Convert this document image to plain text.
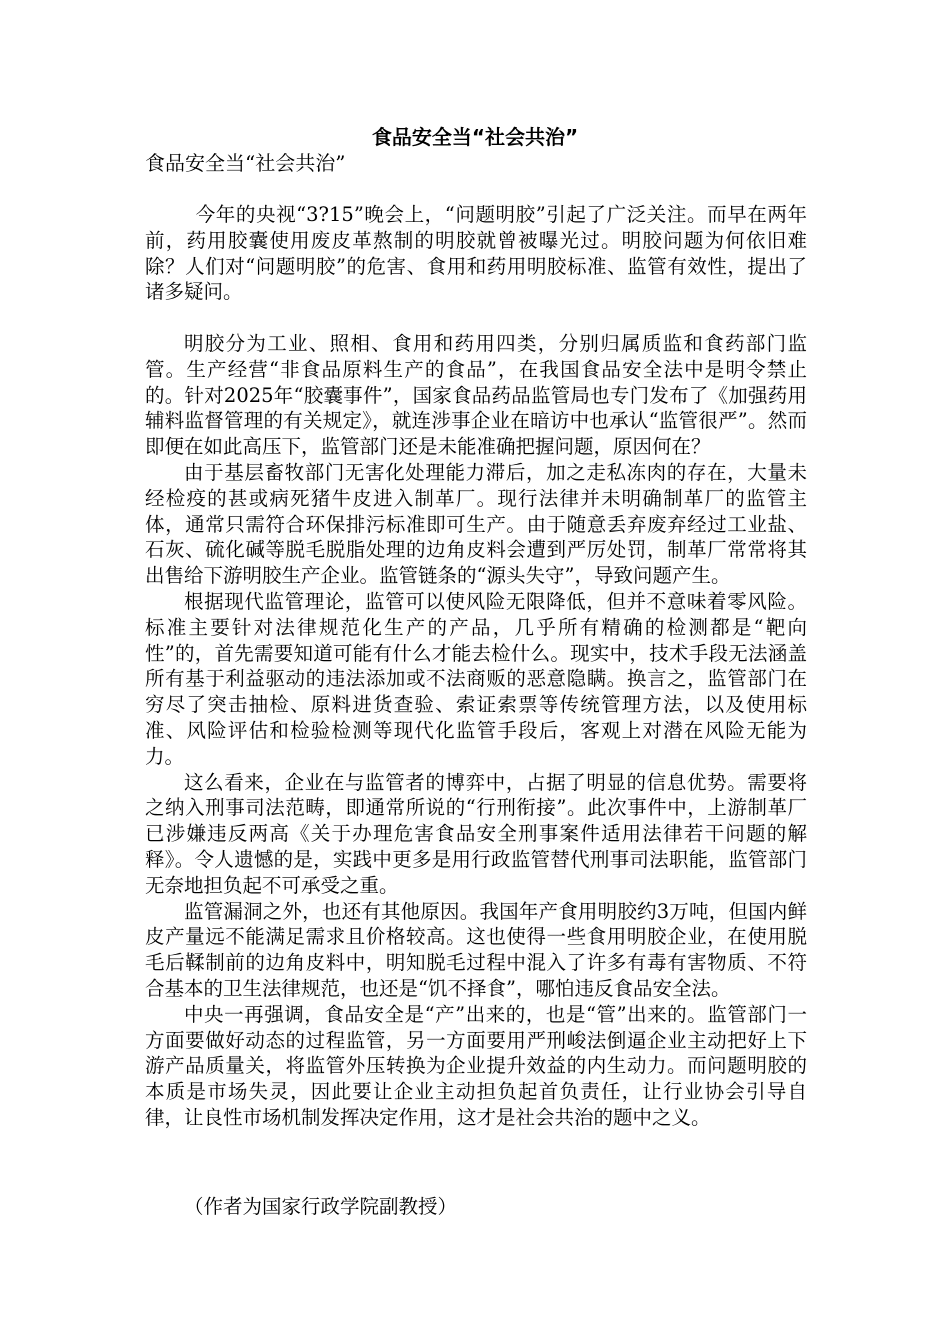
食品安全当“社会共治”
食品安全当“社会共治”

今年的央视“3?15”晚会上，“问题明胶”引起了广泛关注。而早在两年前，药用胶囊使用废皮革熬制的明胶就曾被曝光过。明胶问题为何依旧难除？人们对“问题明胶”的危害、食用和药用明胶标准、监管有效性，提出了诸多疑问。

明胶分为工业、照相、食用和药用四类，分别归属质监和食药部门监管。生产经营“非食品原料生产的食品”，在我国食品安全法中是明令禁止的。针对2025年“胶囊事件”，国家食品药品监管局也专门发布了《加强药用辅料监督管理的有关规定》，就连涉事企业在暗访中也承认“监管很严”。然而即便在如此高压下，监管部门还是未能准确把握问题，原因何在？

由于基层畜牧部门无害化处理能力滞后，加之走私冻肉的存在，大量未经检疫的甚或病死猪牛皮进入制革厂。现行法律并未明确制革厂的监管主体，通常只需符合环保排污标准即可生产。由于随意丢弃废弃经过工业盐、石灰、硫化碱等脱毛脱脂处理的边角皮料会遭到严厉处罚，制革厂常常将其出售给下游明胶生产企业。监管链条的“源头失守”，导致问题产生。

根据现代监管理论，监管可以使风险无限降低，但并不意味着零风险。标准主要针对法律规范化生产的产品，几乎所有精确的检测都是“靶向性”的，首先需要知道可能有什么才能去检什么。现实中，技术手段无法涵盖所有基于利益驱动的违法添加或不法商贩的恶意隐瞒。换言之，监管部门在穷尽了突击抽检、原料进货查验、索证索票等传统管理方法，以及使用标准、风险评估和检验检测等现代化监管手段后，客观上对潜在风险无能为力。

这么看来，企业在与监管者的博弈中，占据了明显的信息优势。需要将之纳入刑事司法范畴，即通常所说的“行刑衔接”。此次事件中，上游制革厂已涉嫌违反两高《关于办理危害食品安全刑事案件适用法律若干问题的解释》。令人遗憾的是，实践中更多是用行政监管替代刑事司法职能，监管部门无奈地担负起不可承受之重。

监管漏洞之外，也还有其他原因。我国年产食用明胶约3万吨，但国内鲜皮产量远不能满足需求且价格较高。这也使得一些食用明胶企业，在使用脱毛后鞣制前的边角皮料中，明知脱毛过程中混入了许多有毒有害物质、不符合基本的卫生法律规范，也还是“饥不择食”，哪怕违反食品安全法。

中央一再强调，食品安全是“产”出来的，也是“管”出来的。监管部门一方面要做好动态的过程监管，另一方面要用严刑峻法倒逼企业主动把好上下游产品质量关，将监管外压转换为企业提升效益的内生动力。而问题明胶的本质是市场失灵，因此要让企业主动担负起首负责任，让行业协会引导自律，让良性市场机制发挥决定作用，这才是社会共治的题中之义。

（作者为国家行政学院副教授）
